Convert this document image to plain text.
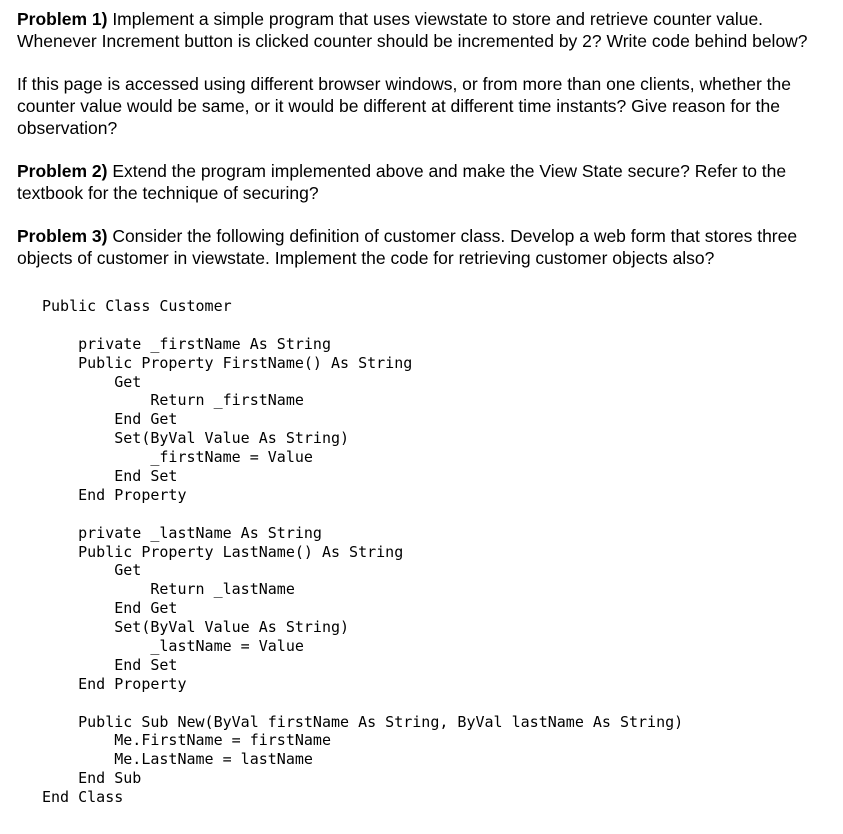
Problem 1) Implement a simple program that uses viewstate to store and retrieve counter value. Whenever Increment button is clicked counter should be incremented by 2? Write code behind below?

If this page is accessed using different browser windows, or from more than one clients, whether the counter value would be same, or it would be different at different time instants? Give reason for the observation?

Problem 2) Extend the program implemented above and make the View State secure? Refer to the textbook for the technique of securing?

Problem 3) Consider the following definition of customer class. Develop a web form that stores three objects of customer in viewstate. Implement the code for retrieving customer objects also?

Public Class Customer
private _firstName As String
Public Property FirstName() As String
Get
Return _firstName
End Get
Set(ByVal Value As String)
_firstName = Value
End Set
End Property
private _lastName As String
Public Property LastName() As String
Get
Return _lastName
End Get
Set(ByVal Value As String)
_lastName = Value
End Set
End Property
Public Sub New(ByVal firstName As String, ByVal lastName As String)
Me.FirstName = firstName
Me.LastName = lastName
End Sub
End Class
